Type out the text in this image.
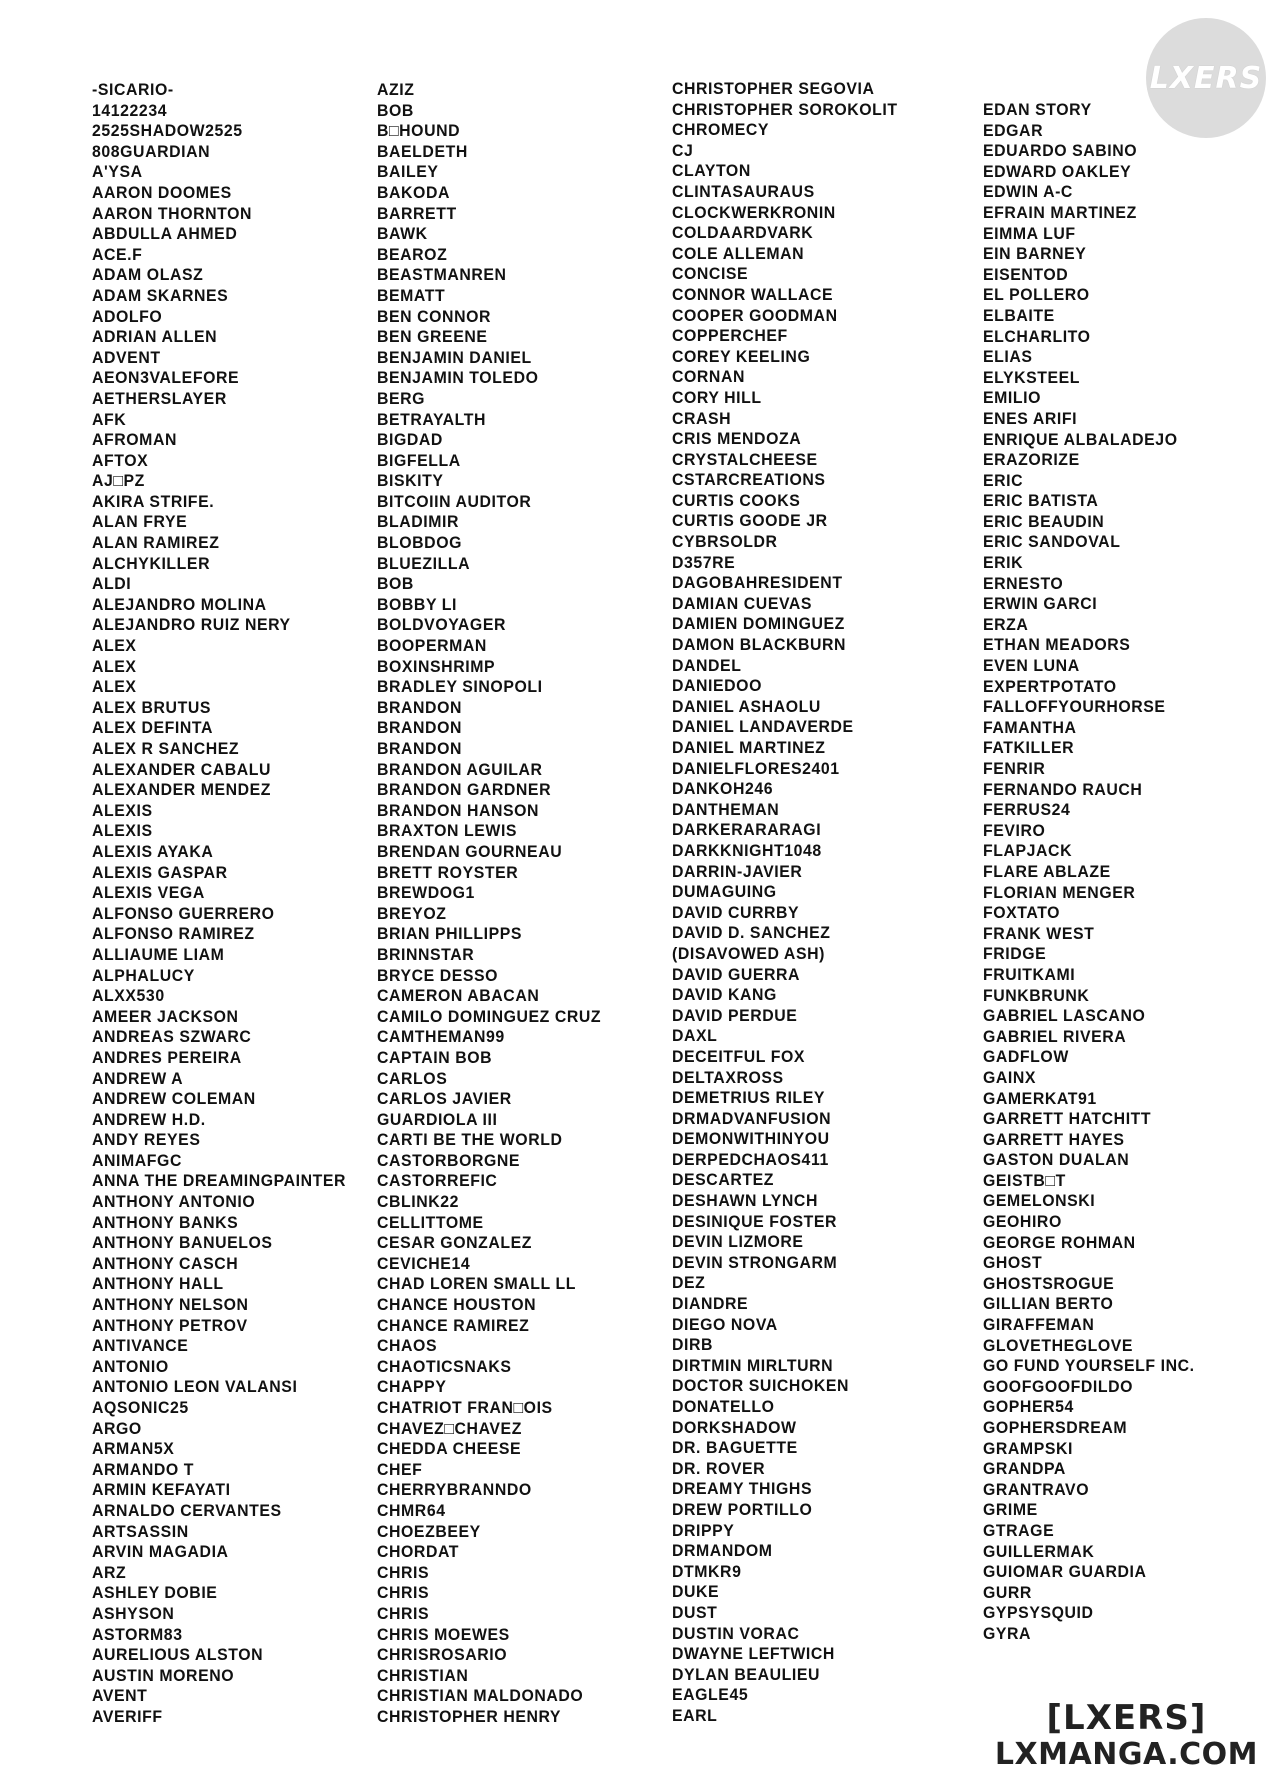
LXERS
-SICARIO-
14122234
2525SHADOW2525
808GUARDIAN
A'YSA
AARON DOOMES
AARON THORNTON
ABDULLA AHMED
ACE.F
ADAM OLASZ
ADAM SKARNES
ADOLFO
ADRIAN ALLEN
ADVENT
AEON3VALEFORE
AETHERSLAYER
AFK
AFROMAN
AFTOX
AJ□PZ
AKIRA STRIFE.
ALAN FRYE
ALAN RAMIREZ
ALCHYKILLER
ALDI
ALEJANDRO MOLINA
ALEJANDRO RUIZ NERY
ALEX
ALEX
ALEX
ALEX BRUTUS
ALEX DEFINTA
ALEX R SANCHEZ
ALEXANDER CABALU
ALEXANDER MENDEZ
ALEXIS
ALEXIS
ALEXIS AYAKA
ALEXIS GASPAR
ALEXIS VEGA
ALFONSO GUERRERO
ALFONSO RAMIREZ
ALLIAUME LIAM
ALPHALUCY
ALXX530
AMEER JACKSON
ANDREAS SZWARC
ANDRES PEREIRA
ANDREW A
ANDREW COLEMAN
ANDREW H.D.
ANDY REYES
ANIMAFGC
ANNA THE DREAMINGPAINTER
ANTHONY ANTONIO
ANTHONY BANKS
ANTHONY BANUELOS
ANTHONY CASCH
ANTHONY HALL
ANTHONY NELSON
ANTHONY PETROV
ANTIVANCE
ANTONIO
ANTONIO LEON VALANSI
AQSONIC25
ARGO
ARMAN5X
ARMANDO T
ARMIN KEFAYATI
ARNALDO CERVANTES
ARTSASSIN
ARVIN MAGADIA
ARZ
ASHLEY DOBIE
ASHYSON
ASTORM83
AURELIOUS ALSTON
AUSTIN MORENO
AVENT
AVERIFF
AZIZ
BOB
B□HOUND
BAELDETH
BAILEY
BAKODA
BARRETT
BAWK
BEAROZ
BEASTMANREN
BEMATT
BEN CONNOR
BEN GREENE
BENJAMIN DANIEL
BENJAMIN TOLEDO
BERG
BETRAYALTH
BIGDAD
BIGFELLA
BISKITY
BITCOIIN AUDITOR
BLADIMIR
BLOBDOG
BLUEZILLA
BOB
BOBBY LI
BOLDVOYAGER
BOOPERMAN
BOXINSHRIMP
BRADLEY SINOPOLI
BRANDON
BRANDON
BRANDON
BRANDON AGUILAR
BRANDON GARDNER
BRANDON HANSON
BRAXTON LEWIS
BRENDAN GOURNEAU
BRETT ROYSTER
BREWDOG1
BREYOZ
BRIAN PHILLIPPS
BRINNSTAR
BRYCE DESSO
CAMERON ABACAN
CAMILO DOMINGUEZ CRUZ
CAMTHEMAN99
CAPTAIN BOB
CARLOS
CARLOS JAVIER
GUARDIOLA III
CARTI BE THE WORLD
CASTORBORGNE
CASTORREFIC
CBLINK22
CELLITTOME
CESAR GONZALEZ
CEVICHE14
CHAD LOREN SMALL LL
CHANCE HOUSTON
CHANCE RAMIREZ
CHAOS
CHAOTICSNAKS
CHAPPY
CHATRIOT FRAN□OIS
CHAVEZ□CHAVEZ
CHEDDA CHEESE
CHEF
CHERRYBRANNDO
CHMR64
CHOEZBEEY
CHORDAT
CHRIS
CHRIS
CHRIS
CHRIS MOEWES
CHRISROSARIO
CHRISTIAN
CHRISTIAN MALDONADO
CHRISTOPHER HENRY
CHRISTOPHER SEGOVIA
CHRISTOPHER SOROKOLIT
CHROMECY
CJ
CLAYTON
CLINTASAURAUS
CLOCKWERKRONIN
COLDAARDVARK
COLE ALLEMAN
CONCISE
CONNOR WALLACE
COOPER GOODMAN
COPPERCHEF
COREY KEELING
CORNAN
CORY HILL
CRASH
CRIS MENDOZA
CRYSTALCHEESE
CSTARCREATIONS
CURTIS COOKS
CURTIS GOODE JR
CYBRSOLDR
D357RE
DAGOBAHRESIDENT
DAMIAN CUEVAS
DAMIEN DOMINGUEZ
DAMON BLACKBURN
DANDEL
DANIEDOO
DANIEL ASHAOLU
DANIEL LANDAVERDE
DANIEL MARTINEZ
DANIELFLORES2401
DANKOH246
DANTHEMAN
DARKERARARAGI
DARKKNIGHT1048
DARRIN-JAVIER
DUMAGUING
DAVID CURRBY
DAVID D. SANCHEZ
(DISAVOWED ASH)
DAVID GUERRA
DAVID KANG
DAVID PERDUE
DAXL
DECEITFUL FOX
DELTAXROSS
DEMETRIUS RILEY
DRMADVANFUSION
DEMONWITHINYOU
DERPEDCHAOS411
DESCARTEZ
DESHAWN LYNCH
DESINIQUE FOSTER
DEVIN LIZMORE
DEVIN STRONGARM
DEZ
DIANDRE
DIEGO NOVA
DIRB
DIRTMIN MIRLTURN
DOCTOR SUICHOKEN
DONATELLO
DORKSHADOW
DR. BAGUETTE
DR. ROVER
DREAMY THIGHS
DREW PORTILLO
DRIPPY
DRMANDOM
DTMKR9
DUKE
DUST
DUSTIN VORAC
DWAYNE LEFTWICH
DYLAN BEAULIEU
EAGLE45
EARL
EDAN STORY
EDGAR
EDUARDO SABINO
EDWARD OAKLEY
EDWIN A-C
EFRAIN MARTINEZ
EIMMA LUF
EIN BARNEY
EISENTOD
EL POLLERO
ELBAITE
ELCHARLITO
ELIAS
ELYKSTEEL
EMILIO
ENES ARIFI
ENRIQUE ALBALADEJO
ERAZORIZE
ERIC
ERIC BATISTA
ERIC BEAUDIN
ERIC SANDOVAL
ERIK
ERNESTO
ERWIN GARCI
ERZA
ETHAN MEADORS
EVEN LUNA
EXPERTPOTATO
FALLOFFYOURHORSE
FAMANTHA
FATKILLER
FENRIR
FERNANDO RAUCH
FERRUS24
FEVIRO
FLAPJACK
FLARE ABLAZE
FLORIAN MENGER
FOXTATO
FRANK WEST
FRIDGE
FRUITKAMI
FUNKBRUNK
GABRIEL LASCANO
GABRIEL RIVERA
GADFLOW
GAINX
GAMERKAT91
GARRETT HATCHITT
GARRETT HAYES
GASTON DUALAN
GEISTB□T
GEMELONSKI
GEOHIRO
GEORGE ROHMAN
GHOST
GHOSTSROGUE
GILLIAN BERTO
GIRAFFEMAN
GLOVETHEGLOVE
GO FUND YOURSELF INC.
GOOFGOOFDILDO
GOPHER54
GOPHERSDREAM
GRAMPSKI
GRANDPA
GRANTRAVO
GRIME
GTRAGE
GUILLERMAK
GUIOMAR GUARDIA
GURR
GYPSYSQUID
GYRA
[LXERS]
LXMANGA.COM
